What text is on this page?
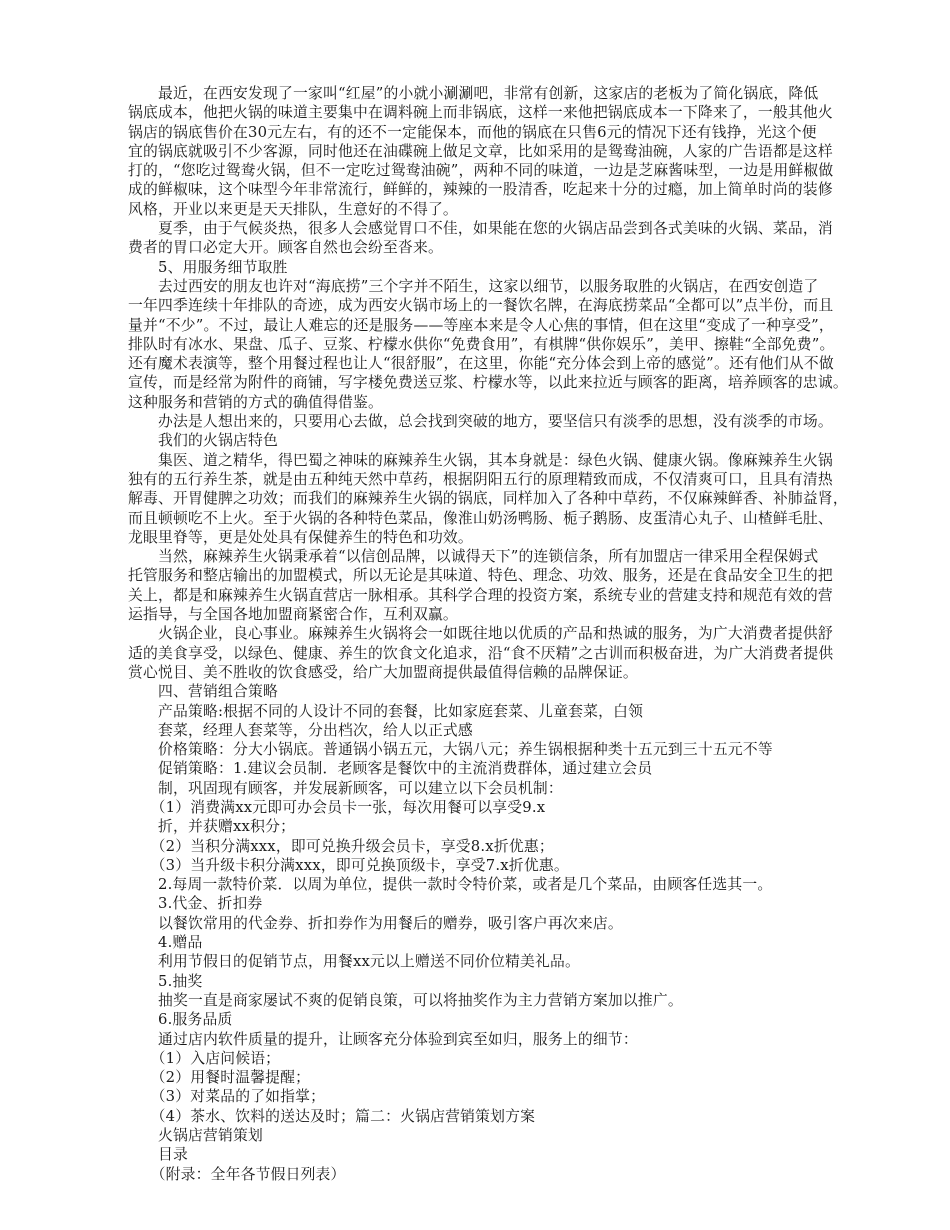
　　最近，在西安发现了一家叫“红屋”的小就小涮涮吧，非常有创新，这家店的老板为了简化锅底，降低

锅底成本，他把火锅的味道主要集中在调料碗上而非锅底，这样一来他把锅底成本一下降来了，一般其他火

锅店的锅底售价在30元左右，有的还不一定能保本，而他的锅底在只售6元的情况下还有钱挣，光这个便

宜的锅底就吸引不少客源，同时他还在油碟碗上做足文章，比如采用的是鸳鸯油碗，人家的广告语都是这样

打的，“您吃过鸳鸯火锅，但不一定吃过鸳鸯油碗”，两种不同的味道，一边是芝麻酱味型，一边是用鲜椒做

成的鲜椒味，这个味型今年非常流行，鲜鲜的，辣辣的一股清香，吃起来十分的过瘾，加上简单时尚的装修

风格，开业以来更是天天排队，生意好的不得了。

　　夏季，由于气候炎热，很多人会感觉胃口不佳，如果能在您的火锅店品尝到各式美味的火锅、菜品，消

费者的胃口必定大开。顾客自然也会纷至沓来。

　　5、用服务细节取胜

　　去过西安的朋友也许对“海底捞”三个字并不陌生，这家以细节，以服务取胜的火锅店，在西安创造了

一年四季连续十年排队的奇迹，成为西安火锅市场上的一餐饮名牌，在海底捞菜品“全都可以”点半份，而且

量并“不少”。不过，最让人难忘的还是服务——等座本来是令人心焦的事情，但在这里“变成了一种享受”，

排队时有冰水、果盘、瓜子、豆浆、柠檬水供你“免费食用”，有棋牌“供你娱乐”，美甲、擦鞋“全部免费”。

还有魔术表演等，整个用餐过程也让人“很舒服”，在这里，你能“充分体会到上帝的感觉”。还有他们从不做

宣传，而是经常为附件的商铺，写字楼免费送豆浆、柠檬水等，以此来拉近与顾客的距离，培养顾客的忠诚。

这种服务和营销的方式的确值得借鉴。

　　办法是人想出来的，只要用心去做，总会找到突破的地方，要坚信只有淡季的思想，没有淡季的市场。

　　我们的火锅店特色

　　集医、道之精华，得巴蜀之神味的麻辣养生火锅，其本身就是：绿色火锅、健康火锅。像麻辣养生火锅

独有的五行养生茶，就是由五种纯天然中草药，根据阴阳五行的原理精致而成，不仅清爽可口，且具有清热

解毒、开胃健脾之功效；而我们的麻辣养生火锅的锅底，同样加入了各种中草药，不仅麻辣鲜香、补肺益肾，

而且顿顿吃不上火。至于火锅的各种特色菜品，像淮山奶汤鸭肠、栀子鹅肠、皮蛋清心丸子、山楂鲜毛肚、

龙眼里脊等，更是处处具有保健养生的特色和功效。

　　当然，麻辣养生火锅秉承着“以信创品牌，以诚得天下”的连锁信条，所有加盟店一律采用全程保姆式

托管服务和整店输出的加盟模式，所以无论是其味道、特色、理念、功效、服务，还是在食品安全卫生的把

关上，都是和麻辣养生火锅直营店一脉相承。其科学合理的投资方案，系统专业的营建支持和规范有效的营

运指导，与全国各地加盟商紧密合作，互利双赢。

　　火锅企业，良心事业。麻辣养生火锅将会一如既往地以优质的产品和热诚的服务，为广大消费者提供舒

适的美食享受，以绿色、健康、养生的饮食文化追求，沿“食不厌精”之古训而积极奋进，为广大消费者提供

赏心悦目、美不胜收的饮食感受，给广大加盟商提供最值得信赖的品牌保证。

　　四、营销组合策略

　　产品策略:根据不同的人设计不同的套餐，比如家庭套菜、儿童套菜，白领

　　套菜，经理人套菜等，分出档次，给人以正式感

　　价格策略：分大小锅底。普通锅小锅五元，大锅八元；养生锅根据种类十五元到三十五元不等

　　促销策略：1.建议会员制．老顾客是餐饮中的主流消费群体，通过建立会员

　　制，巩固现有顾客，并发展新顾客，可以建立以下会员机制：

　　（1）消费满xx元即可办会员卡一张，每次用餐可以享受9.x

　　折，并获赠xx积分；

　　（2）当积分满xxx，即可兑换升级会员卡，享受8.x折优惠；

　　（3）当升级卡积分满xxx，即可兑换顶级卡，享受7.x折优惠。

　　2.每周一款特价菜．以周为单位，提供一款时令特价菜，或者是几个菜品，由顾客任选其一。

　　3.代金、折扣券

　　以餐饮常用的代金券、折扣券作为用餐后的赠券，吸引客户再次来店。

　　4.赠品

　　利用节假日的促销节点，用餐xx元以上赠送不同价位精美礼品。

　　5.抽奖

　　抽奖一直是商家屡试不爽的促销良策，可以将抽奖作为主力营销方案加以推广。

　　6.服务品质

　　通过店内软件质量的提升，让顾客充分体验到宾至如归，服务上的细节：

　　（1）入店问候语；

　　（2）用餐时温馨提醒；

　　（3）对菜品的了如指掌；

　　（4）茶水、饮料的送达及时；篇二：火锅店营销策划方案

　　火锅店营销策划

　　目录

　　（附录：全年各节假日列表）
